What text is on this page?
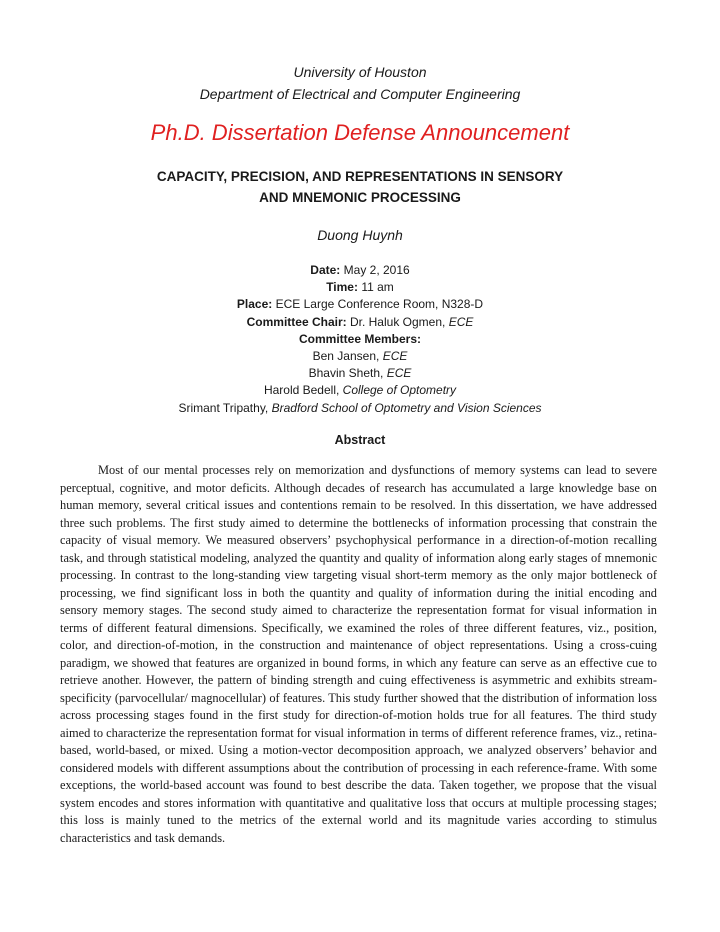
University of Houston
Department of Electrical and Computer Engineering
Ph.D. Dissertation Defense Announcement
CAPACITY, PRECISION, AND REPRESENTATIONS IN SENSORY
AND MNEMONIC PROCESSING
Duong Huynh
Date: May 2, 2016
Time: 11 am
Place: ECE Large Conference Room, N328-D
Committee Chair: Dr. Haluk Ogmen, ECE
Committee Members:
Ben Jansen, ECE
Bhavin Sheth, ECE
Harold Bedell, College of Optometry
Srimant Tripathy, Bradford School of Optometry and Vision Sciences
Abstract

Most of our mental processes rely on memorization and dysfunctions of memory systems can lead to severe perceptual, cognitive, and motor deficits. Although decades of research has accumulated a large knowledge base on human memory, several critical issues and contentions remain to be resolved. In this dissertation, we have addressed three such problems. The first study aimed to determine the bottlenecks of information processing that constrain the capacity of visual memory. We measured observers’ psychophysical performance in a direction-of-motion recalling task, and through statistical modeling, analyzed the quantity and quality of information along early stages of mnemonic processing. In contrast to the long-standing view targeting visual short-term memory as the only major bottleneck of processing, we find significant loss in both the quantity and quality of information during the initial encoding and sensory memory stages. The second study aimed to characterize the representation format for visual information in terms of different featural dimensions. Specifically, we examined the roles of three different features, viz., position, color, and direction-of-motion, in the construction and maintenance of object representations. Using a cross-cuing paradigm, we showed that features are organized in bound forms, in which any feature can serve as an effective cue to retrieve another. However, the pattern of binding strength and cuing effectiveness is asymmetric and exhibits stream-specificity (parvocellular/ magnocellular) of features. This study further showed that the distribution of information loss across processing stages found in the first study for direction-of-motion holds true for all features. The third study aimed to characterize the representation format for visual information in terms of different reference frames, viz., retina-based, world-based, or mixed. Using a motion-vector decomposition approach, we analyzed observers’ behavior and considered models with different assumptions about the contribution of processing in each reference-frame. With some exceptions, the world-based account was found to best describe the data. Taken together, we propose that the visual system encodes and stores information with quantitative and qualitative loss that occurs at multiple processing stages; this loss is mainly tuned to the metrics of the external world and its magnitude varies according to stimulus characteristics and task demands.
